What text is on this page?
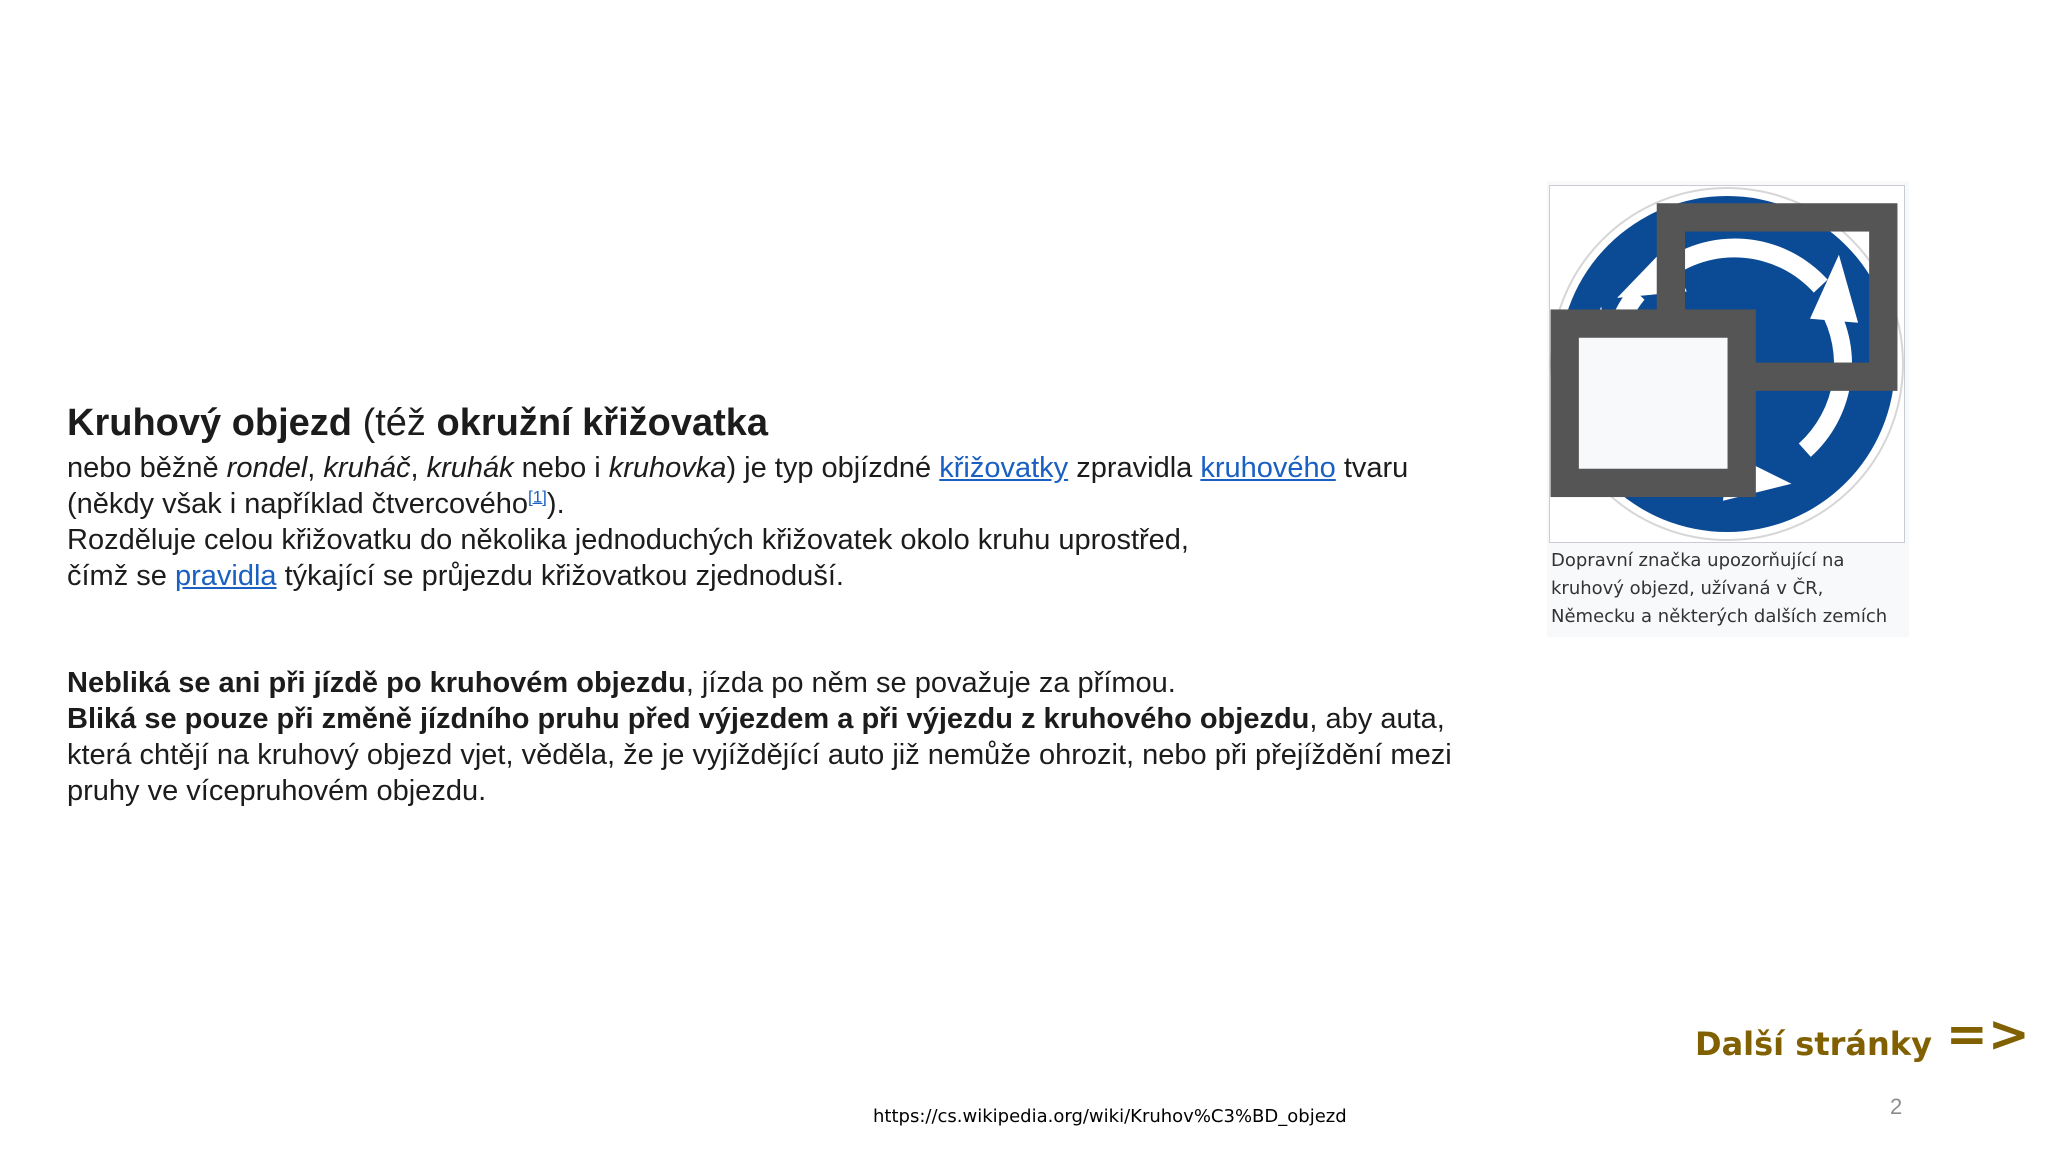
Kruhový objezd (též okružní křižovatka
nebo běžně rondel, kruháč, kruhák nebo i kruhovka) je typ objízdné křižovatky zpravidla kruhového tvaru
(někdy však i například čtvercového[1]).
Rozděluje celou křižovatku do několika jednoduchých křižovatek okolo kruhu uprostřed,
čímž se pravidla týkající se průjezdu křižovatkou zjednoduší.
Nebliká se ani při jízdě po kruhovém objezdu, jízda po něm se považuje za přímou.
Bliká se pouze při změně jízdního pruhu před výjezdem a při výjezdu z kruhového objezdu, aby auta,
která chtějí na kruhový objezd vjet, věděla, že je vyjíždějící auto již nemůže ohrozit, nebo při přejíždění mezi
pruhy ve vícepruhovém objezdu.
Dopravní značka upozorňující na
kruhový objezd, užívaná v ČR,
Německu a některých dalších zemích
Další stránky =>
https://cs.wikipedia.org/wiki/Kruhov%C3%BD_objezd	2
